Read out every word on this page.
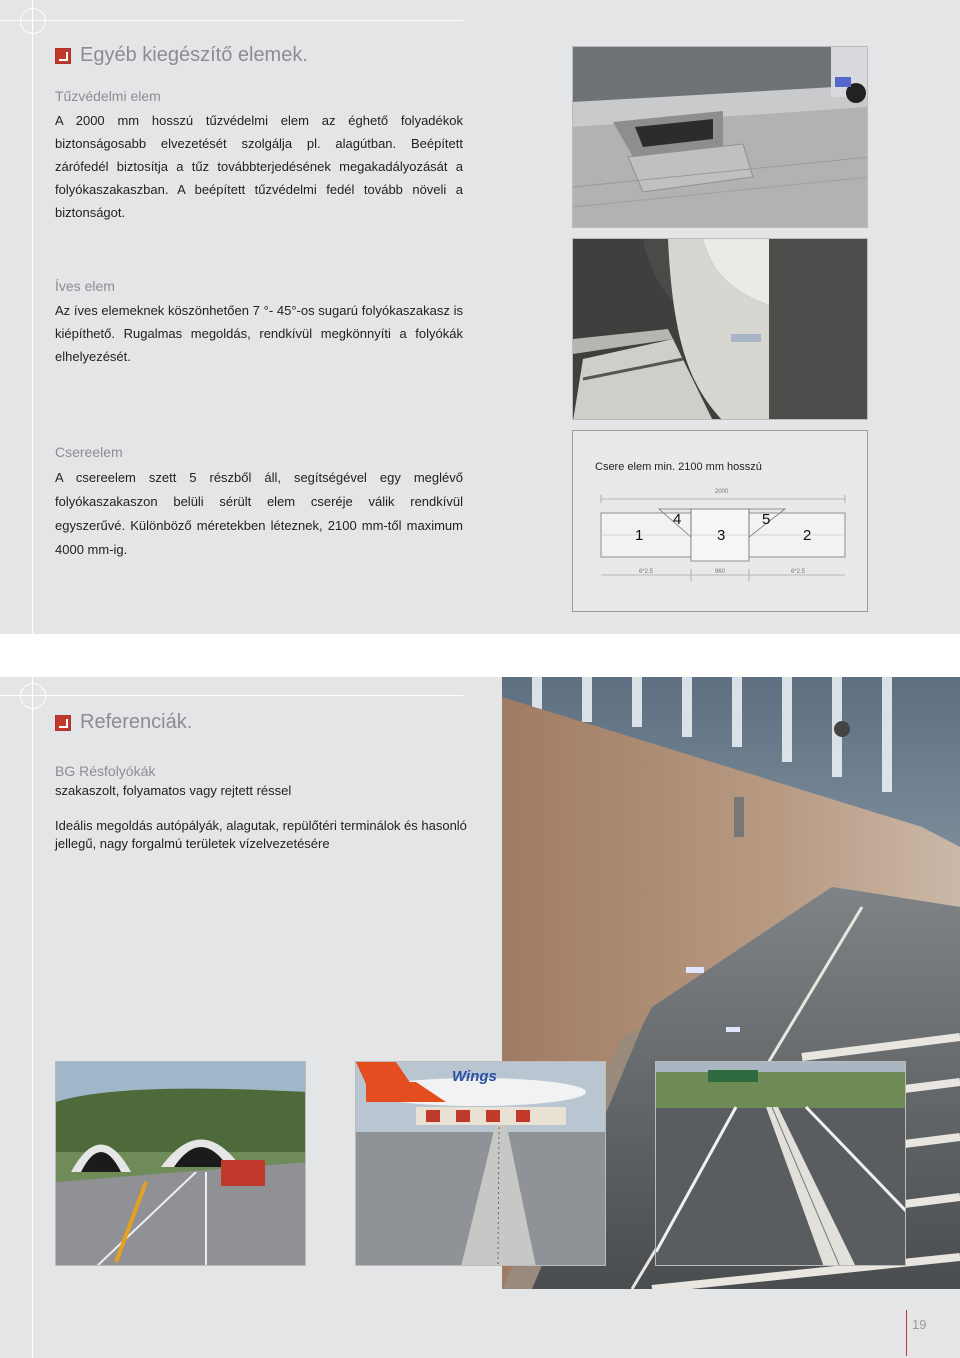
Egyéb kiegészítő elemek.
Tűzvédelmi elem
A 2000 mm hosszú tűzvédelmi elem az éghető folyadékok biztonságosabb elvezetését szolgálja pl. alagútban. Beépített zárófedél biztosítja a tűz továbbterjedésének megakadályozását a folyókaszakaszban. A beépített tűzvédelmi fedél tovább növeli a biztonságot.
Íves elem
Az íves elemeknek köszönhetően 7 °- 45°-os sugarú folyókaszakasz is kiépíthető. Rugalmas megoldás, rendkívül megkönnyíti a folyókák elhelyezését.
Csereelem
A csereelem szett 5 részből áll, segítségével egy meglévő folyókaszakaszon belüli sérült elem cseréje válik rendkívül egyszerűvé. Különböző méretekben léteznek, 2100 mm-től maximum 4000 mm-ig.
Csere elem min. 2100 mm hosszú
2000
1
4
3
5
2
6*2.5	960	6*2.5
Referenciák.
BG Résfolyókák
szakaszolt, folyamatos vagy rejtett réssel
Ideális megoldás autópályák, alagutak, repülőtéri terminálok és hasonló jellegű, nagy forgalmú területek vízelvezetésére
Wings
19
